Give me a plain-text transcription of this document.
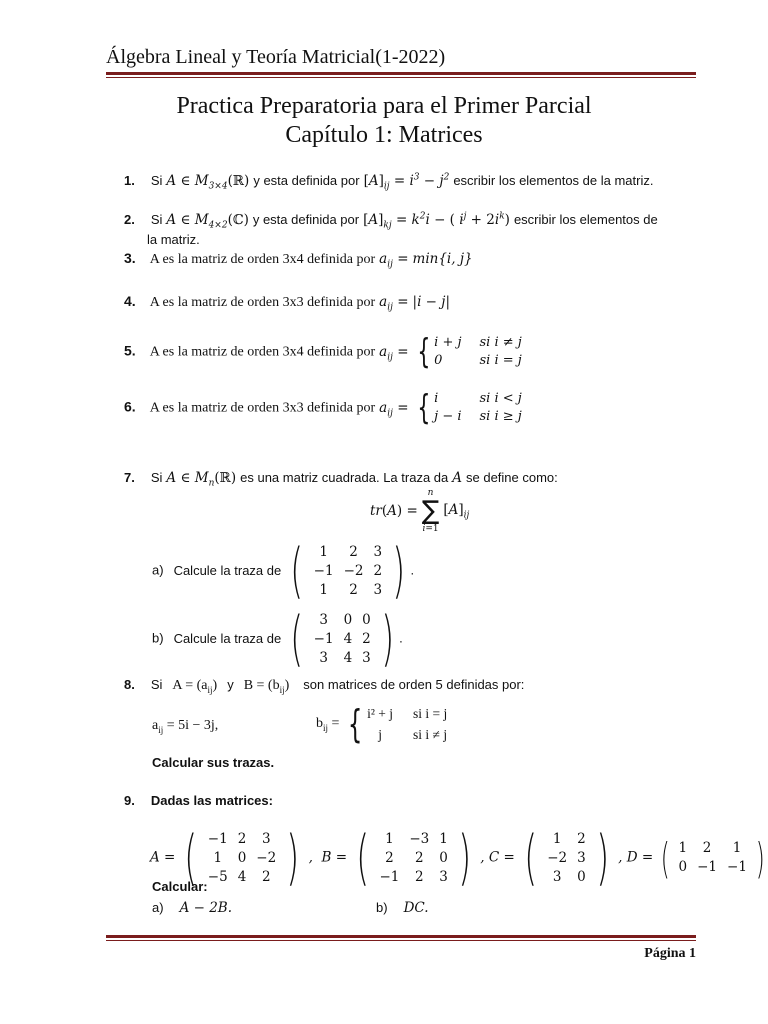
Álgebra Lineal y Teoría Matricial(1-2022)
Practica Preparatoria para el Primer Parcial
Capítulo 1: Matrices
1. Si A ∈ $M_{3\times 4}(ℝ)$ y esta definida por $[A]_{ij} = i^3 - j^2$ escribir los elementos de la matriz.
2. Si A ∈ $M_{4\times 2}(ℂ)$ y esta definida por $[A]_{kj} = k^2i$ − ( $i^j + 2i^k$) escribir los elementos de
la matriz.
3. A es la matriz de orden 3x4 definida por $a_{ij} = \min\{i$, j}
4. A es la matriz de orden 3x3 definida por $a_{ij} = |i - j|$
5. A es la matriz de orden 3x4 definida por $a_{ij}$ = { i + j si i ≠ j
0	si i = j
6. A es la matriz de orden 3x3 definida por $a_{ij}$ = { i	si i < j
j − i si i ≥ j
7. Si A ∈ $M_n(ℝ)$ es una matriz cuadrada. La traza da A se define como:
tr(A) =
n
∑
i=1
$[A]_{ij}$
a) Calcule la traza de (	1	2	3
−1 −2 2
1	2	3 ) .
b) Calcule la traza de (	3	0 0
−1 4 2
3	4 3 ) .
8. Si $A = (a_{ij})$ y $B = (b_{ij})$ son matrices de orden 5 definidas por:
$a_{ij} = 5i - 3j$,	$b_{ij}$ = { i² + j si i = j
j	si i ≠ j
Calcular sus trazas.
9. Dadas las matrices:
A = ( −1 2	3
1	0 −2
−5 4	2 ) ,  B = (	1	−3 1
2	2	0
−1	2	3 ) , C = (	1	2
−2 3
3	0 ) , D = ( 1	2	1
0 −1 −1 )
Calcular:
a) A − 2B.	b) DC.
Página 1
